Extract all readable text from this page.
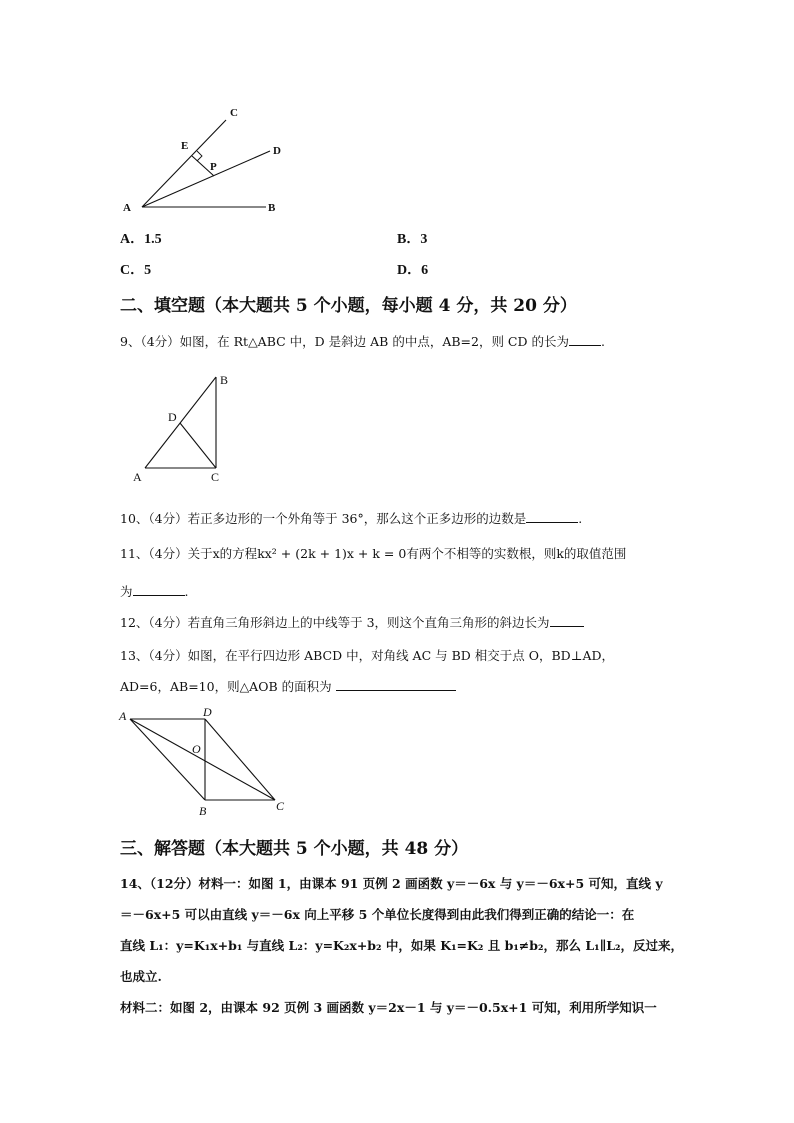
A	B
C
D
E
P
A．1.5	B．3
C．5	D．6
二、填空题（本大题共 5 个小题，每小题 4 分，共 20 分）
9、（4分）如图，在 Rt△ABC 中，D 是斜边 AB 的中点，AB=2，则 CD 的长为	.
A
B
C
D
10、（4分）若正多边形的一个外角等于 36°，那么这个正多边形的边数是	.
11、（4分）关于x的方程kx² + (2k + 1)x + k = 0有两个不相等的实数根，则k的取值范围
为	.
12、（4分）若直角三角形斜边上的中线等于 3，则这个直角三角形的斜边长为
13、（4分）如图，在平行四边形 ABCD 中，对角线 AC 与 BD 相交于点 O，BD⊥AD，
AD=6，AB=10，则△AOB 的面积为
A
B	C
D
O
三、解答题（本大题共 5 个小题，共 48 分）
14、（12分）材料一：如图 1，由课本 91 页例 2 画函数 y＝－6x 与 y＝－6x+5 可知，直线 y
＝－6x+5 可以由直线 y＝－6x 向上平移 5 个单位长度得到由此我们得到正确的结论一：在
直线 L₁：y=K₁x+b₁ 与直线 L₂：y=K₂x+b₂ 中，如果 K₁=K₂ 且 b₁≠b₂，那么 L₁∥L₂，反过来，
也成立.
材料二：如图 2，由课本 92 页例 3 画函数 y＝2x－1 与 y＝－0.5x+1 可知，利用所学知识一
